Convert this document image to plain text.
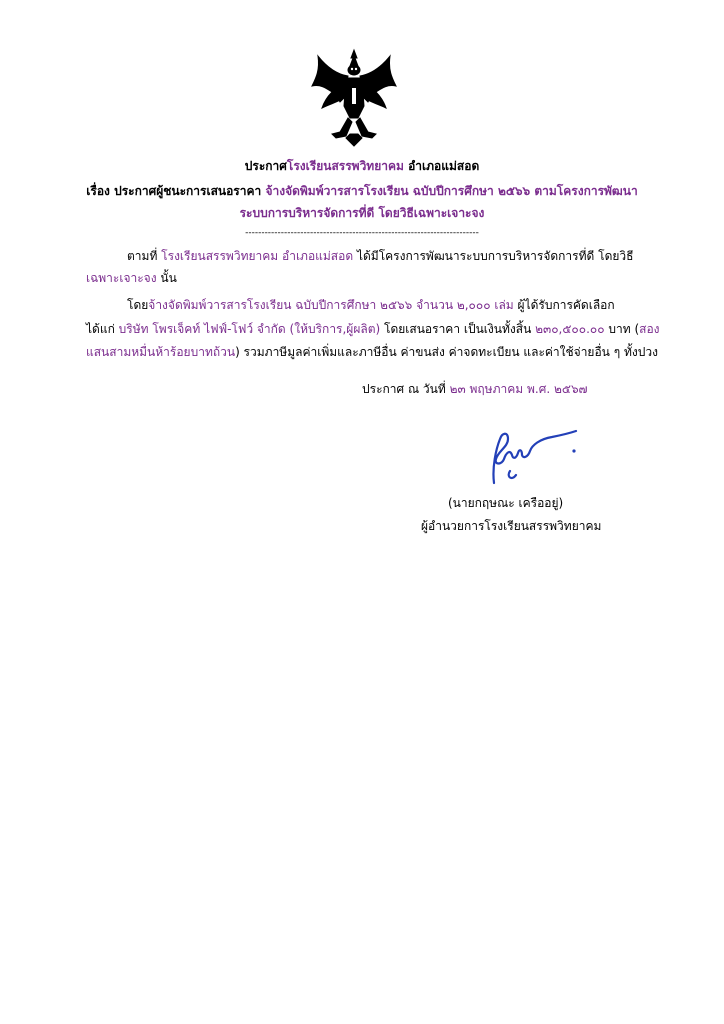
ประกาศโรงเรียนสรรพวิทยาคม อำเภอแม่สอด
เรื่อง ประกาศผู้ชนะการเสนอราคา จ้างจัดพิมพ์วารสารโรงเรียน ฉบับปีการศึกษา ๒๕๖๖ ตามโครงการพัฒนา
ระบบการบริหารจัดการที่ดี โดยวิธีเฉพาะเจาะจง
------------------------------------------------------------------------
ตามที่ โรงเรียนสรรพวิทยาคม อำเภอแม่สอด ได้มีโครงการพัฒนาระบบการบริหารจัดการที่ดี โดยวิธี
เฉพาะเจาะจง นั้น
โดยจ้างจัดพิมพ์วารสารโรงเรียน ฉบับปีการศึกษา ๒๕๖๖ จำนวน ๒,๐๐๐ เล่ม ผู้ได้รับการคัดเลือก
ได้แก่ บริษัท โพรเจ็คท์ ไฟฟ์-โฟว์ จำกัด (ให้บริการ,ผู้ผลิต) โดยเสนอราคา เป็นเงินทั้งสิ้น ๒๓๐,๕๐๐.๐๐ บาท (สอง
แสนสามหมื่นห้าร้อยบาทถ้วน) รวมภาษีมูลค่าเพิ่มและภาษีอื่น ค่าขนส่ง ค่าจดทะเบียน และค่าใช้จ่ายอื่น ๆ ทั้งปวง
ประกาศ ณ วันที่ ๒๓ พฤษภาคม พ.ศ. ๒๕๖๗
(นายกฤษณะ เครืออยู่)
ผู้อำนวยการโรงเรียนสรรพวิทยาคม
